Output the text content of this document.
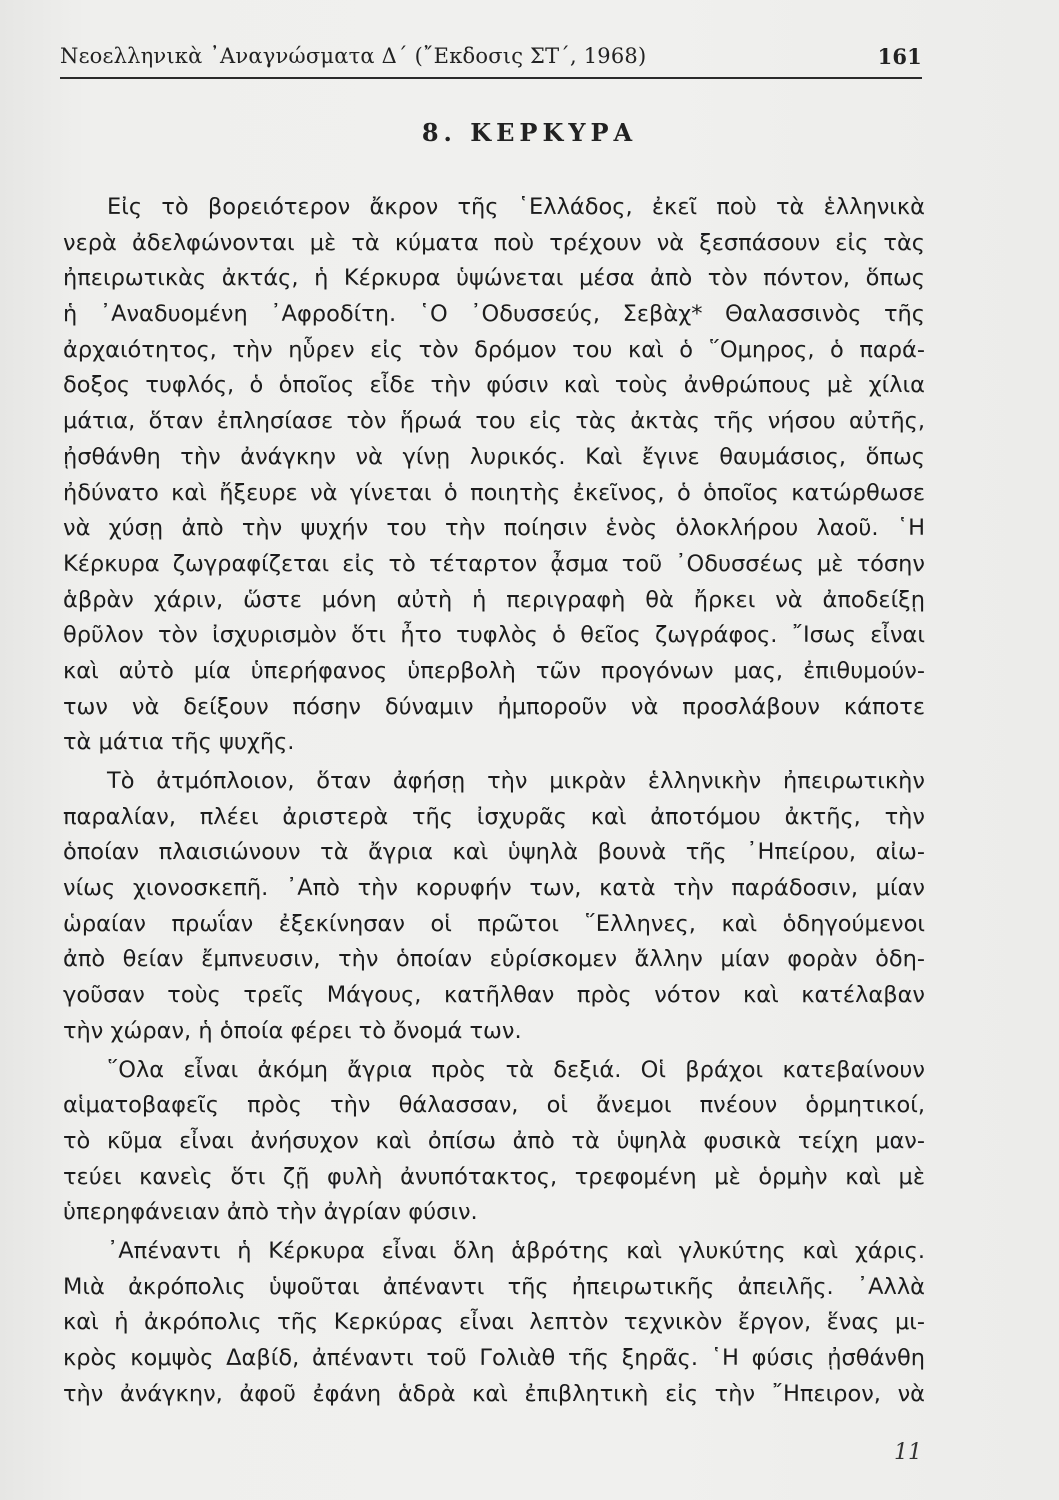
Νεοελληνικὰ ᾿Αναγνώσματα Δ΄ (῎Εκδοσις ΣΤ΄, 1968)	161
8. ΚΕΡΚΥΡΑ
Εἰς τὸ βορειότερον ἄκρον τῆς ῾Ελλάδος, ἐκεῖ ποὺ τὰ ἑλληνικὰ
νερὰ ἀδελφώνονται μὲ τὰ κύματα ποὺ τρέχουν νὰ ξεσπάσουν εἰς τὰς
ἠπειρωτικὰς ἀκτάς, ἡ Κέρκυρα ὑψώνεται μέσα ἀπὸ τὸν πόντον, ὅπως
ἡ ᾿Αναδυομένη ᾿Αφροδίτη. ῾Ο ᾿Οδυσσεύς, Σεβὰχ* Θαλασσινὸς τῆς
ἀρχαιότητος, τὴν ηὗρεν εἰς τὸν δρόμον του καὶ ὁ ῞Ομηρος, ὁ παρά-
δοξος τυφλός, ὁ ὁποῖος εἶδε τὴν φύσιν καὶ τοὺς ἀνθρώπους μὲ χίλια
μάτια, ὅταν ἐπλησίασε τὸν ἥρωά του εἰς τὰς ἀκτὰς τῆς νήσου αὐτῆς,
ᾐσθάνθη τὴν ἀνάγκην νὰ γίνῃ λυρικός. Καὶ ἔγινε θαυμάσιος, ὅπως
ἠδύνατο καὶ ἤξευρε νὰ γίνεται ὁ ποιητὴς ἐκεῖνος, ὁ ὁποῖος κατώρθωσε
νὰ χύσῃ ἀπὸ τὴν ψυχήν του τὴν ποίησιν ἑνὸς ὁλοκλήρου λαοῦ. ῾Η
Κέρκυρα ζωγραφίζεται εἰς τὸ τέταρτον ᾆσμα τοῦ ᾿Οδυσσέως μὲ τόσην
ἁβρὰν χάριν, ὥστε μόνη αὐτὴ ἡ περιγραφὴ θὰ ἤρκει νὰ ἀποδείξῃ
θρῦλον τὸν ἰσχυρισμὸν ὅτι ἦτο τυφλὸς ὁ θεῖος ζωγράφος. ῎Ισως εἶναι
καὶ αὐτὸ μία ὑπερήφανος ὑπερβολὴ τῶν προγόνων μας, ἐπιθυμούν-
των νὰ δείξουν πόσην δύναμιν ἠμποροῦν νὰ προσλάβουν κάποτε
τὰ μάτια τῆς ψυχῆς.
Τὸ ἀτμόπλοιον, ὅταν ἀφήσῃ τὴν μικρὰν ἑλληνικὴν ἠπειρωτικὴν
παραλίαν, πλέει ἀριστερὰ τῆς ἰσχυρᾶς καὶ ἀποτόμου ἀκτῆς, τὴν
ὁποίαν πλαισιώνουν τὰ ἄγρια καὶ ὑψηλὰ βουνὰ τῆς ᾿Ηπείρου, αἰω-
νίως χιονοσκεπῆ. ᾿Απὸ τὴν κορυφήν των, κατὰ τὴν παράδοσιν, μίαν
ὡραίαν πρωΐαν ἐξεκίνησαν οἱ πρῶτοι ῞Ελληνες, καὶ ὁδηγούμενοι
ἀπὸ θείαν ἔμπνευσιν, τὴν ὁποίαν εὑρίσκομεν ἄλλην μίαν φορὰν ὁδη-
γοῦσαν τοὺς τρεῖς Μάγους, κατῆλθαν πρὸς νότον καὶ κατέλαβαν
τὴν χώραν, ἡ ὁποία φέρει τὸ ὄνομά των.
῞Ολα εἶναι ἀκόμη ἄγρια πρὸς τὰ δεξιά. Οἱ βράχοι κατεβαίνουν
αἱματοβαφεῖς πρὸς τὴν θάλασσαν, οἱ ἄνεμοι πνέουν ὁρμητικοί,
τὸ κῦμα εἶναι ἀνήσυχον καὶ ὀπίσω ἀπὸ τὰ ὑψηλὰ φυσικὰ τείχη μαν-
τεύει κανεὶς ὅτι ζῇ φυλὴ ἀνυπότακτος, τρεφομένη μὲ ὁρμὴν καὶ μὲ
ὑπερηφάνειαν ἀπὸ τὴν ἀγρίαν φύσιν.
᾿Απέναντι ἡ Κέρκυρα εἶναι ὅλη ἁβρότης καὶ γλυκύτης καὶ χάρις.
Μιὰ ἀκρόπολις ὑψοῦται ἀπέναντι τῆς ἠπειρωτικῆς ἀπειλῆς. ᾿Αλλὰ
καὶ ἡ ἀκρόπολις τῆς Κερκύρας εἶναι λεπτὸν τεχνικὸν ἔργον, ἕνας μι-
κρὸς κομψὸς Δαβίδ, ἀπέναντι τοῦ Γολιὰθ τῆς ξηρᾶς. ῾Η φύσις ᾐσθάνθη
τὴν ἀνάγκην, ἀφοῦ ἐφάνη ἁδρὰ καὶ ἐπιβλητικὴ εἰς τὴν ῎Ηπειρον, νὰ
11
